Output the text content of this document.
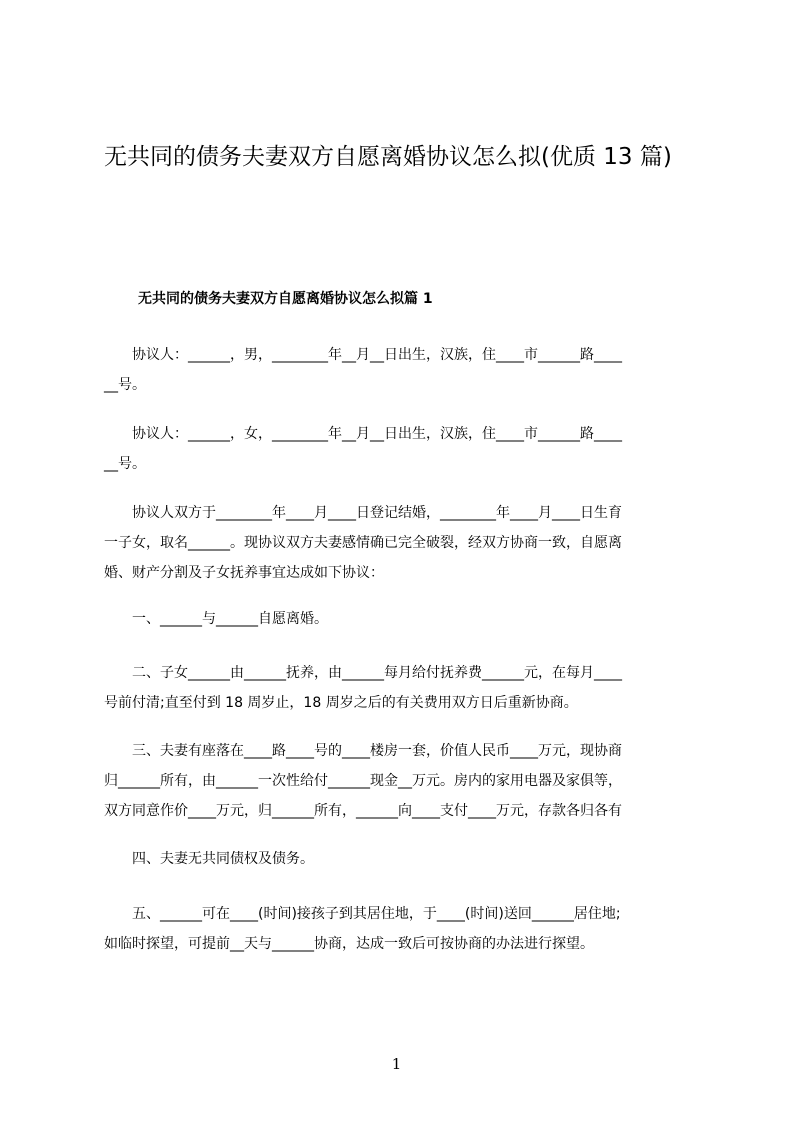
无共同的债务夫妻双方自愿离婚协议怎么拟(优质 13 篇)
无共同的债务夫妻双方自愿离婚协议怎么拟篇 1
　　协议人：______，男，________年__月__日出生，汉族，住____市______路____
__号。
　　协议人：______，女，________年__月__日出生，汉族，住____市______路____
__号。
　　协议人双方于________年____月____日登记结婚，________年____月____日生育
一子女，取名______。现协议双方夫妻感情确已完全破裂，经双方协商一致，自愿离
婚、财产分割及子女抚养事宜达成如下协议：
　　一、______与______自愿离婚。
　　二、子女______由______抚养，由______每月给付抚养费______元，在每月____
号前付清;直至付到 18 周岁止，18 周岁之后的有关费用双方日后重新协商。
　　三、夫妻有座落在____路____号的____楼房一套，价值人民币____万元，现协商
归______所有，由______一次性给付______现金__万元。房内的家用电器及家俱等，
双方同意作价____万元，归______所有，______向____支付____万元，存款各归各有
　　四、夫妻无共同债权及债务。
　　五、______可在____(时间)接孩子到其居住地，于____(时间)送回______居住地;
如临时探望，可提前__天与______协商，达成一致后可按协商的办法进行探望。
1
